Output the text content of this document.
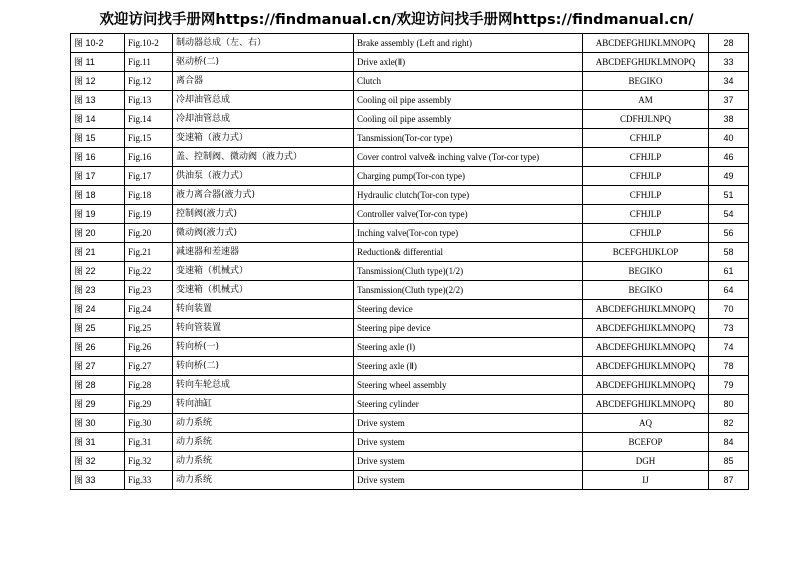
欢迎访问找手册网https://findmanual.cn/欢迎访问找手册网https://findmanual.cn/
图 10-2	Fig.10-2	制动器总成（左、右）	Brake assembly (Left and right)	ABCDEFGHIJKLMNOPQ	28
图 11	Fig.11	驱动桥(二)	Drive axle(Ⅱ)	ABCDEFGHIJKLMNOPQ	33
图 12	Fig.12	离合器	Clutch	BEGIKO	34
图 13	Fig.13	冷却油管总成	Cooling oil pipe assembly	AM	37
图 14	Fig.14	冷却油管总成	Cooling oil pipe assembly	CDFHJLNPQ	38
图 15	Fig.15	变速箱（液力式）	Tansmission(Tor-cor type)	CFHJLP	40
图 16	Fig.16	盖、控制阀、微动阀（液力式）	Cover control valve& inching valve (Tor-cor type)	CFHJLP	46
图 17	Fig.17	供油泵（液力式）	Charging pump(Tor-con type)	CFHJLP	49
图 18	Fig.18	液力离合器(液力式)	Hydraulic clutch(Tor-con type)	CFHJLP	51
图 19	Fig.19	控制阀(液力式)	Controller valve(Tor-con type)	CFHJLP	54
图 20	Fig.20	微动阀(液力式)	Inching valve(Tor-con type)	CFHJLP	56
图 21	Fig.21	减速器和差速器	Reduction& differential	BCEFGHIJKLOP	58
图 22	Fig.22	变速箱（机械式）	Tansmission(Cluth type)(1/2)	BEGIKO	61
图 23	Fig.23	变速箱（机械式）	Tansmission(Cluth type)(2/2)	BEGIKO	64
图 24	Fig.24	转向装置	Steering device	ABCDEFGHIJKLMNOPQ	70
图 25	Fig.25	转向管装置	Steering pipe device	ABCDEFGHIJKLMNOPQ	73
图 26	Fig.26	转向桥(一)	Steering axle (Ⅰ)	ABCDEFGHIJKLMNOPQ	74
图 27	Fig.27	转向桥(二)	Steering axle (Ⅱ)	ABCDEFGHIJKLMNOPQ	78
图 28	Fig.28	转向车轮总成	Steering wheel assembly	ABCDEFGHIJKLMNOPQ	79
图 29	Fig.29	转向油缸	Steering cylinder	ABCDEFGHIJKLMNOPQ	80
图 30	Fig.30	动力系统	Drive system	AQ	82
图 31	Fig.31	动力系统	Drive system	BCEFOP	84
图 32	Fig.32	动力系统	Drive system	DGH	85
图 33	Fig.33	动力系统	Drive system	IJ	87
